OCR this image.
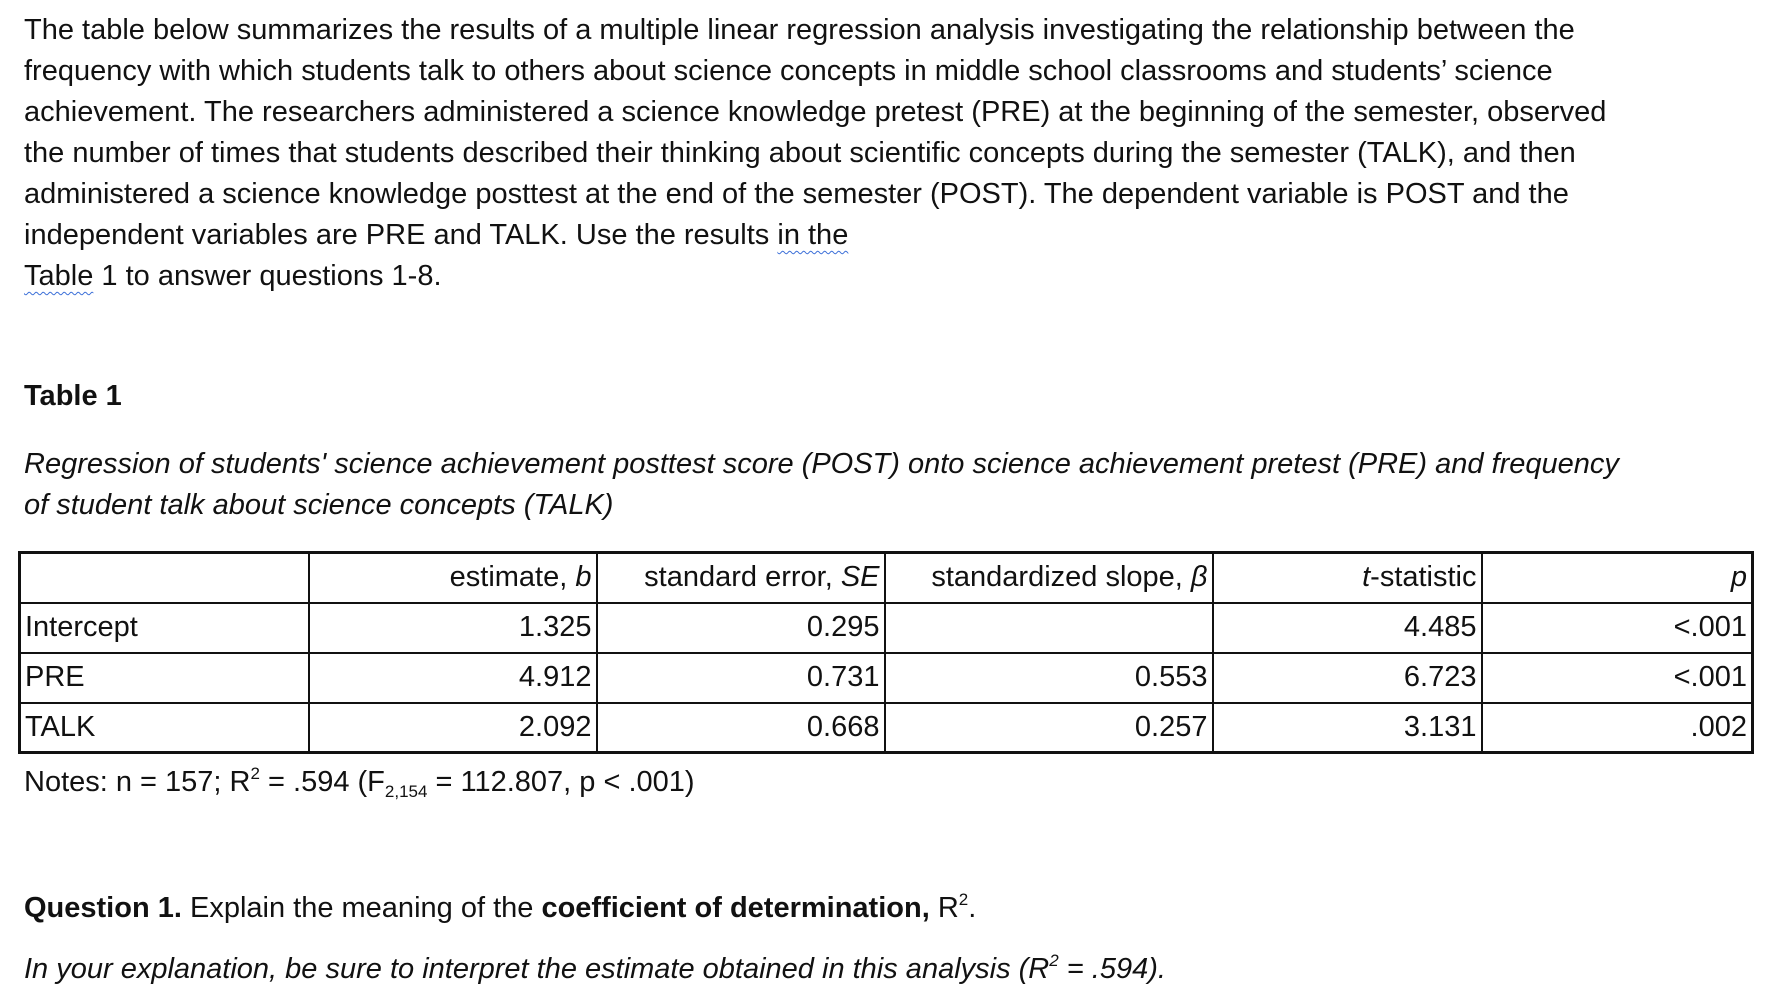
The table below summarizes the results of a multiple linear regression analysis investigating the relationship between the frequency with which students talk to others about science concepts in middle school classrooms and students’ science achievement. The researchers administered a science knowledge pretest (PRE) at the beginning of the semester, observed the number of times that students described their thinking about scientific concepts during the semester (TALK), and then administered a science knowledge posttest at the end of the semester (POST). The dependent variable is POST and the independent variables are PRE and TALK. Use the results in the
Table 1 to answer questions 1-8.

Table 1

Regression of students' science achievement posttest score (POST) onto science achievement pretest (PRE) and frequency of student talk about science concepts (TALK)

	estimate, b	standard error, SE	standardized slope, β	t-statistic	p
Intercept	1.325	0.295		4.485	<.001
PRE	4.912	0.731	0.553	6.723	<.001
TALK	2.092	0.668	0.257	3.131	.002

Notes: n = 157; $R^2 = .594$ ($F_{2,154} = 112.807$, p < .001)

Question 1. Explain the meaning of the coefficient of determination, $R^2$.

In your explanation, be sure to interpret the estimate obtained in this analysis $(R^2 = .594)$.
